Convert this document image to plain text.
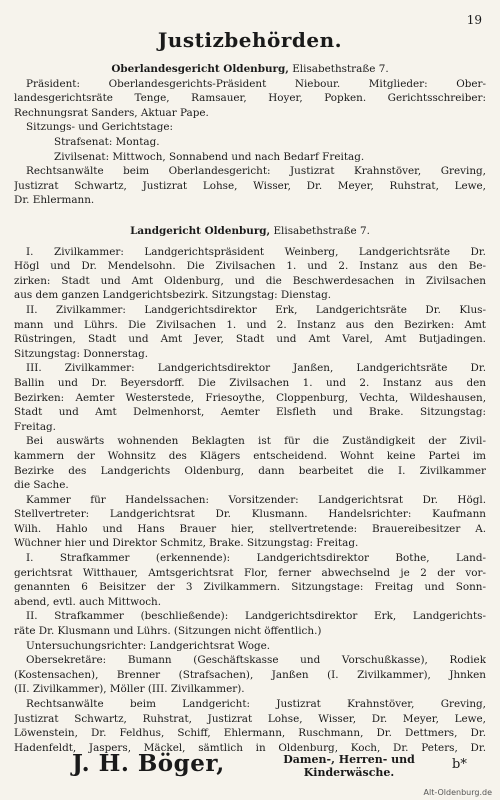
19
Justizbehörden.
Oberlandesgericht Oldenburg, Elisabethstraße 7.
Präsident: Oberlandesgerichts-Präsident Niebour. Mitglieder: Ober-
landesgerichtsräte Tenge, Ramsauer, Hoyer, Popken. Gerichtsschreiber:
Rechnungsrat Sanders, Aktuar Pape.
Sitzungs- und Gerichtstage:
Strafsenat: Montag.
Zivilsenat: Mittwoch, Sonnabend und nach Bedarf Freitag.
Rechtsanwälte beim Oberlandesgericht: Justizrat Krahnstöver, Greving,
Justizrat Schwartz, Justizrat Lohse, Wisser, Dr. Meyer, Ruhstrat, Lewe,
Dr. Ehlermann.
Landgericht Oldenburg, Elisabethstraße 7.
I. Zivilkammer: Landgerichtspräsident Weinberg, Landgerichtsräte Dr.
Högl und Dr. Mendelsohn. Die Zivilsachen 1. und 2. Instanz aus den Be-
zirken: Stadt und Amt Oldenburg, und die Beschwerdesachen in Zivilsachen
aus dem ganzen Landgerichtsbezirk. Sitzungstag: Dienstag.
II. Zivilkammer: Landgerichtsdirektor Erk, Landgerichtsräte Dr. Klus-
mann und Lührs. Die Zivilsachen 1. und 2. Instanz aus den Bezirken: Amt
Rüstringen, Stadt und Amt Jever, Stadt und Amt Varel, Amt Butjadingen.
Sitzungstag: Donnerstag.
III. Zivilkammer: Landgerichtsdirektor Janßen, Landgerichtsräte Dr.
Ballin und Dr. Beyersdorff. Die Zivilsachen 1. und 2. Instanz aus den
Bezirken: Aemter Westerstede, Friesoythe, Cloppenburg, Vechta, Wildeshausen,
Stadt und Amt Delmenhorst, Aemter Elsfleth und Brake. Sitzungstag:
Freitag.
Bei auswärts wohnenden Beklagten ist für die Zuständigkeit der Zivil-
kammern der Wohnsitz des Klägers entscheidend. Wohnt keine Partei im
Bezirke des Landgerichts Oldenburg, dann bearbeitet die I. Zivilkammer
die Sache.
Kammer für Handelssachen: Vorsitzender: Landgerichtsrat Dr. Högl.
Stellvertreter: Landgerichtsrat Dr. Klusmann. Handelsrichter: Kaufmann
Wilh. Hahlo und Hans Brauer hier, stellvertretende: Brauereibesitzer A.
Wüchner hier und Direktor Schmitz, Brake. Sitzungstag: Freitag.
I. Strafkammer (erkennende): Landgerichtsdirektor Bothe, Land-
gerichtsrat Witthauer, Amtsgerichtsrat Flor, ferner abwechselnd je 2 der vor-
genannten 6 Beisitzer der 3 Zivilkammern. Sitzungstage: Freitag und Sonn-
abend, evtl. auch Mittwoch.
II. Strafkammer (beschließende): Landgerichtsdirektor Erk, Landgerichts-
räte Dr. Klusmann und Lührs. (Sitzungen nicht öffentlich.)
Untersuchungsrichter: Landgerichtsrat Woge.
Obersekretäre: Bumann (Geschäftskasse und Vorschußkasse), Rodiek
(Kostensachen), Brenner (Strafsachen), Janßen (I. Zivilkammer), Jhnken
(II. Zivilkammer), Möller (III. Zivilkammer).
Rechtsanwälte beim Landgericht: Justizrat Krahnstöver, Greving,
Justizrat Schwartz, Ruhstrat, Justizrat Lohse, Wisser, Dr. Meyer, Lewe,
Löwenstein, Dr. Feldhus, Schiff, Ehlermann, Ruschmann, Dr. Dettmers, Dr.
Hadenfeldt, Jaspers, Mäckel, sämtlich in Oldenburg, Koch, Dr. Peters, Dr.
J. H. Böger,	Damen-, Herren- und
Kinderwäsche.
b*
Alt-Oldenburg.de
